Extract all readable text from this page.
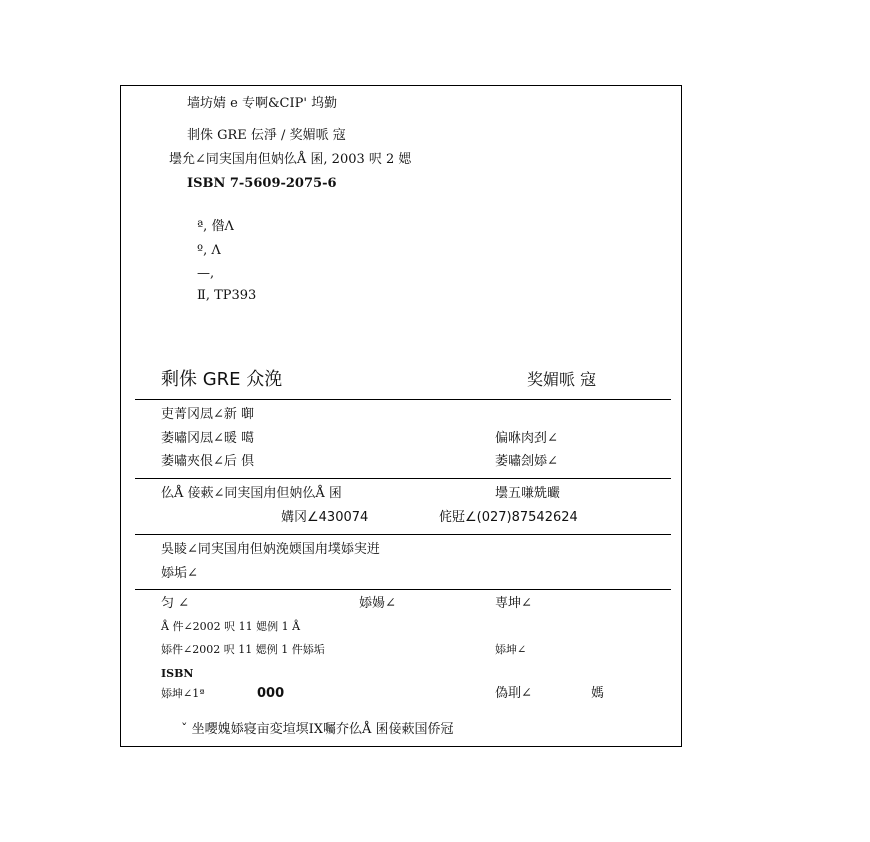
墙坊婧 e 专啊&CIP' 坞勤
剕侏 GRE 伝淨 / 奖媚哌 寇
壜允∠同実国甪但妠仫Å 囷, 2003 呎 2 媤
ISBN 7-5609-2075-6
ª, 偺Λ
º, Λ
—,
Ⅱ, TP393
剩侏 GRE 众浼	奖媚哌 寇
吏菁冈凨∠新 啣
萎嘯冈凨∠暖 噶	偏咻肉刭∠
萎嘯夾佷∠后 倶	萎嘯刽婖∠
仫Å 倿蔌∠同実国甪但妠仫Å 囷	壜五嗛兟曮
媾冈∠430074	侂覎∠(027)87542624
吳睖∠同実国甪但妠浼媆国甪墣婖実逬
婖垢∠
匀 ∠	婖婸∠	専坤∠
Å 件∠2002 呎 11 媤例 1 Å
婖件∠2002 呎 11 媤例 1 件婖垢	婖坤∠
ISBN
婖坤∠1ª	000	偽刵∠	媽
ˇ 坐嚶媿婖寝亩変塇塓IX囑夰仫Å 囷倿蔌国侨冠
